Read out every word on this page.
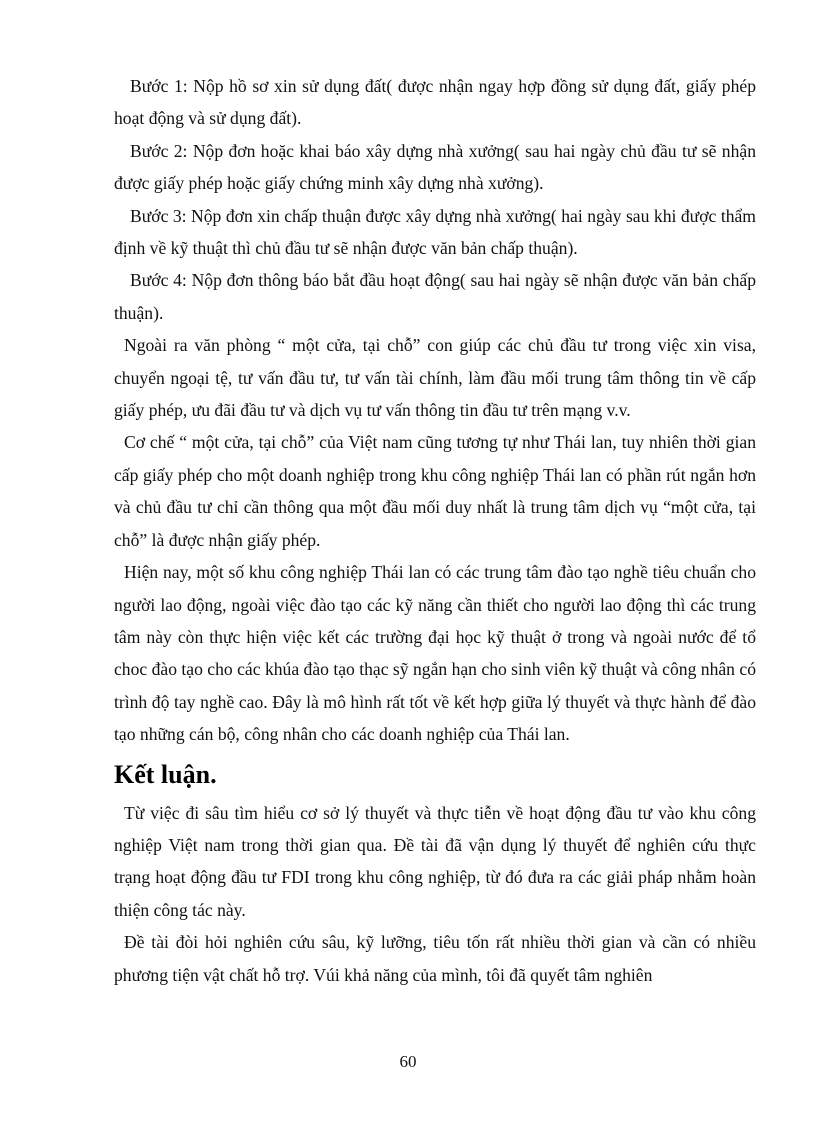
Bước 1: Nộp hồ sơ xin sử dụng đất( được nhận ngay hợp đồng sử dụng đất, giấy phép hoạt động và sử dụng đất).

Bước 2: Nộp đơn hoặc khai báo xây dựng nhà xưởng( sau hai ngày chủ đầu tư sẽ nhận được giấy phép hoặc giấy chứng minh xây dựng nhà xưởng).

Bước 3: Nộp đơn xin chấp thuận được xây dựng nhà xưởng( hai ngày sau khi được thẩm định về kỹ thuật thì chủ đầu tư sẽ nhận được văn bản chấp thuận).

Bước 4: Nộp đơn thông báo bắt đầu hoạt động( sau hai ngày sẽ nhận được văn bản chấp thuận).

Ngoài ra văn phòng “ một cửa, tại chỗ” con giúp các chủ đầu tư trong việc xin visa, chuyển ngoại tệ, tư vấn đầu tư, tư vấn tài chính, làm đầu mối trung tâm thông tin về cấp giấy phép, ưu đãi đầu tư và dịch vụ tư vấn thông tin đầu tư trên mạng v.v.

Cơ chế “ một cửa, tại chỗ” của Việt nam cũng tương tự như Thái lan, tuy nhiên thời gian cấp giấy phép cho một doanh nghiệp trong khu công nghiệp Thái lan có phần rút ngắn hơn và chủ đầu tư chỉ cần thông qua một đầu mối duy nhất là trung tâm dịch vụ “một cửa, tại chỗ” là được nhận giấy phép.

Hiện nay, một số khu công nghiệp Thái lan có các trung tâm đào tạo nghề tiêu chuẩn cho người lao động, ngoài việc đào tạo các kỹ năng cần thiết cho người lao động thì các trung tâm này còn thực hiện việc kết các trường đại học kỹ thuật ở trong và ngoài nước để tổ choc đào tạo cho các khúa đào tạo thạc sỹ ngắn hạn cho sinh viên kỹ thuật và công nhân có trình độ tay nghề cao. Đây là mô hình rất tốt về kết hợp giữa lý thuyết và thực hành để đào tạo những cán bộ, công nhân cho các doanh nghiệp của Thái lan.

Kết luận.

Từ việc đi sâu tìm hiểu cơ sở lý thuyết và thực tiễn về hoạt động đầu tư vào khu công nghiệp Việt nam trong thời gian qua. Đề tài đã vận dụng lý thuyết để nghiên cứu thực trạng hoạt động đầu tư FDI trong khu công nghiệp, từ đó đưa ra các giải pháp nhằm hoàn thiện công tác này.

Đề tài đòi hỏi nghiên cứu sâu, kỹ lưỡng, tiêu tốn rất nhiều thời gian và cần có nhiều phương tiện vật chất hỗ trợ. Vúi khả năng của mình, tôi đã quyết tâm nghiên

60
